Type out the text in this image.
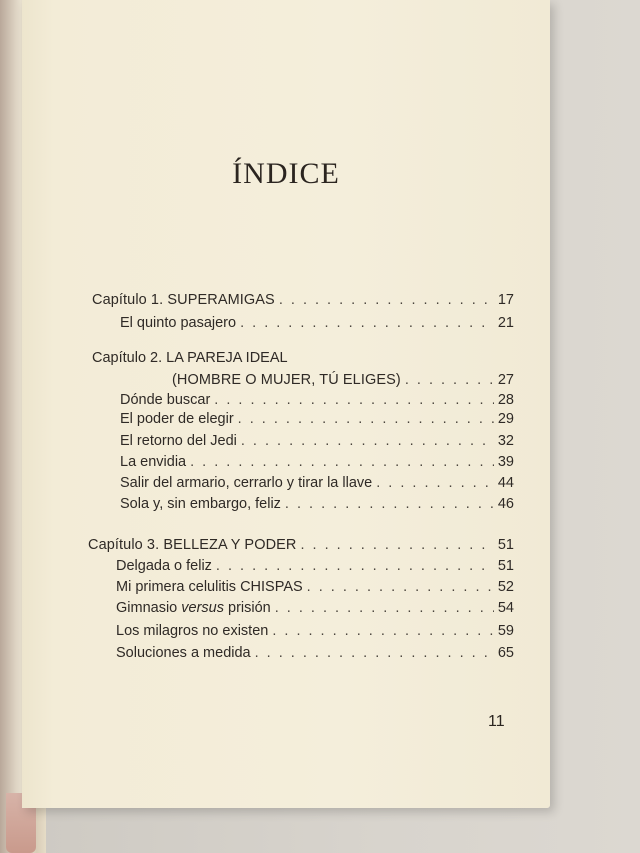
ÍNDICE
Capítulo 1. SUPERAMIGAS . . .	17
El quinto pasajero . . .	21
Capítulo 2. LA PAREJA IDEAL
(HOMBRE O MUJER, TÚ ELIGES) . . .	27
Dónde buscar . . .	28
El poder de elegir . . .	29
El retorno del Jedi . . .	32
La envidia . . .	39
Salir del armario, cerrarlo y tirar la llave . . .	44
Sola y, sin embargo, feliz . . .	46
Capítulo 3. BELLEZA Y PODER . . .	51
Delgada o feliz . . .	51
Mi primera celulitis CHISPAS . . .	52
Gimnasio versus prisión . . .	54
Los milagros no existen . . .	59
Soluciones a medida . . .	65
11
